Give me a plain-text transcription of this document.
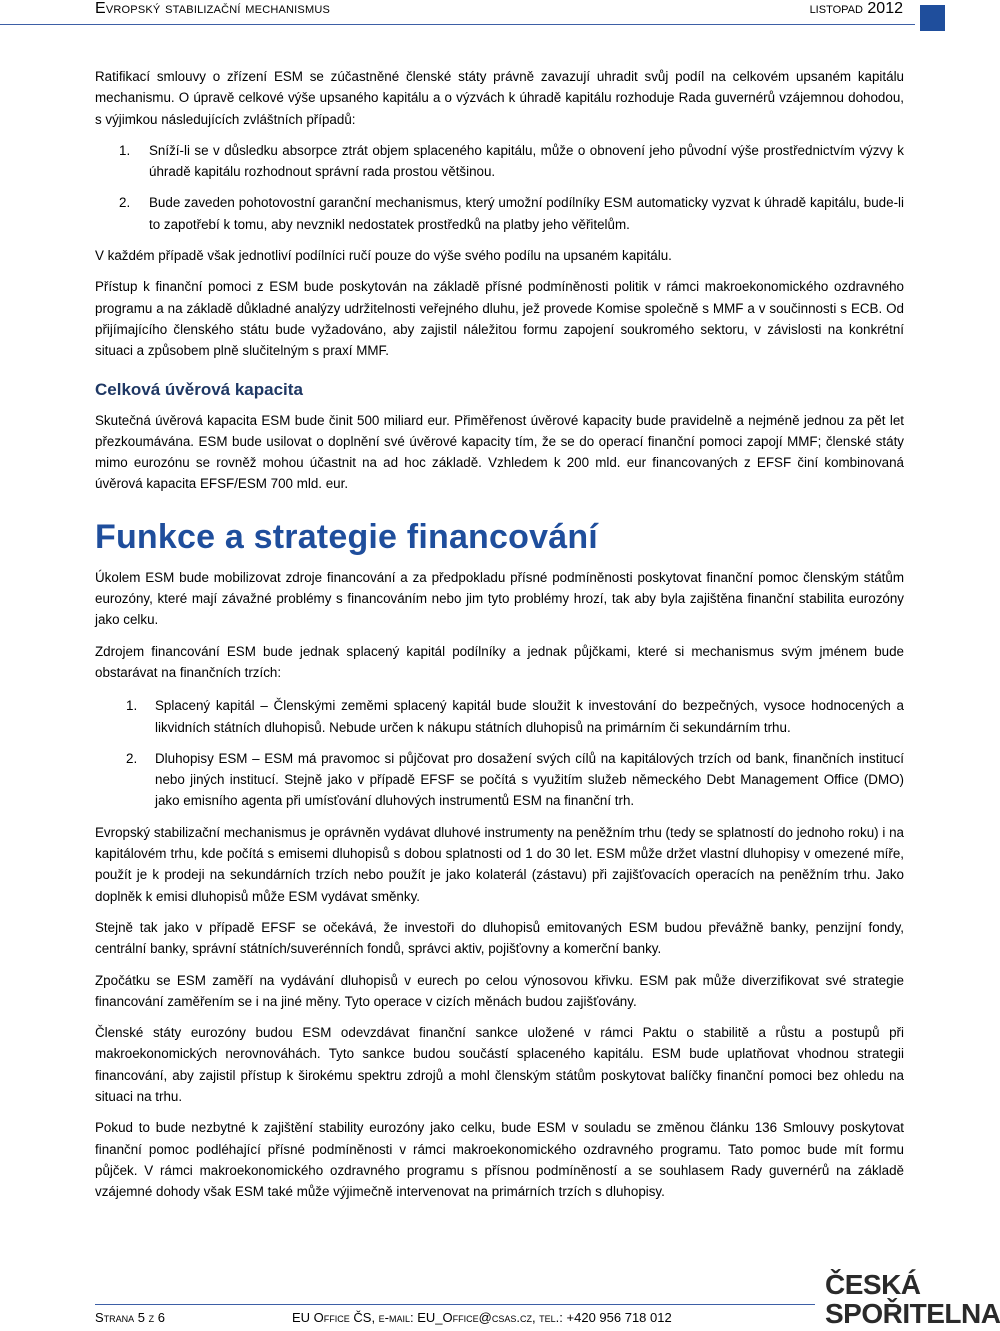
Evropský stabilizační mechanismus	listopad 2012

Ratifikací smlouvy o zřízení ESM se zúčastněné členské státy právně zavazují uhradit svůj podíl na celkovém upsaném kapitálu mechanismu. O úpravě celkové výše upsaného kapitálu a o výzvách k úhradě kapitálu rozhoduje Rada guvernérů vzájemnou dohodou, s výjimkou následujících zvláštních případů:

1. Sníží-li se v důsledku absorpce ztrát objem splaceného kapitálu, může o obnovení jeho původní výše prostřednictvím výzvy k úhradě kapitálu rozhodnout správní rada prostou většinou.
2. Bude zaveden pohotovostní garanční mechanismus, který umožní podílníky ESM automaticky vyzvat k úhradě kapitálu, bude-li to zapotřebí k tomu, aby nevznikl nedostatek prostředků na platby jeho věřitelům.

V každém případě však jednotliví podílníci ručí pouze do výše svého podílu na upsaném kapitálu.

Přístup k finanční pomoci z ESM bude poskytován na základě přísné podmíněnosti politik v rámci makroekonomického ozdravného programu a na základě důkladné analýzy udržitelnosti veřejného dluhu, jež provede Komise společně s MMF a v součinnosti s ECB. Od přijímajícího členského státu bude vyžadováno, aby zajistil náležitou formu zapojení soukromého sektoru, v závislosti na konkrétní situaci a způsobem plně slučitelným s praxí MMF.

Celková úvěrová kapacita

Skutečná úvěrová kapacita ESM bude činit 500 miliard eur. Přiměřenost úvěrové kapacity bude pravidelně a nejméně jednou za pět let přezkoumávána. ESM bude usilovat o doplnění své úvěrové kapacity tím, že se do operací finanční pomoci zapojí MMF; členské státy mimo eurozónu se rovněž mohou účastnit na ad hoc základě. Vzhledem k 200 mld. eur financovaných z EFSF činí kombinovaná úvěrová kapacita EFSF/ESM 700 mld. eur.

Funkce a strategie financování

Úkolem ESM bude mobilizovat zdroje financování a za předpokladu přísné podmíněnosti poskytovat finanční pomoc členským státům eurozóny, které mají závažné problémy s financováním nebo jim tyto problémy hrozí, tak aby byla zajištěna finanční stabilita eurozóny jako celku.

Zdrojem financování ESM bude jednak splacený kapitál podílníky a jednak půjčkami, které si mechanismus svým jménem bude obstarávat na finančních trzích:

1. Splacený kapitál – Členskými zeměmi splacený kapitál bude sloužit k investování do bezpečných, vysoce hodnocených a likvidních státních dluhopisů. Nebude určen k nákupu státních dluhopisů na primárním či sekundárním trhu.
2. Dluhopisy ESM – ESM má pravomoc si půjčovat pro dosažení svých cílů na kapitálových trzích od bank, finančních institucí nebo jiných institucí. Stejně jako v případě EFSF se počítá s využitím služeb německého Debt Management Office (DMO) jako emisního agenta při umísťování dluhových instrumentů ESM na finanční trh.

Evropský stabilizační mechanismus je oprávněn vydávat dluhové instrumenty na peněžním trhu (tedy se splatností do jednoho roku) i na kapitálovém trhu, kde počítá s emisemi dluhopisů s dobou splatnosti od 1 do 30 let. ESM může držet vlastní dluhopisy v omezené míře, použít je k prodeji na sekundárních trzích nebo použít je jako kolaterál (zástavu) při zajišťovacích operacích na peněžním trhu. Jako doplněk k emisi dluhopisů může ESM vydávat směnky.

Stejně tak jako v případě EFSF se očekává, že investoři do dluhopisů emitovaných ESM budou převážně banky, penzijní fondy, centrální banky, správní státních/suverénních fondů, správci aktiv, pojišťovny a komerční banky.

Zpočátku se ESM zaměří na vydávání dluhopisů v eurech po celou výnosovou křivku. ESM pak může diverzifikovat své strategie financování zaměřením se i na jiné měny. Tyto operace v cizích měnách budou zajišťovány.

Členské státy eurozóny budou ESM odevzdávat finanční sankce uložené v rámci Paktu o stabilitě a růstu a postupů při makroekonomických nerovnováhách. Tyto sankce budou součástí splaceného kapitálu. ESM bude uplatňovat vhodnou strategii financování, aby zajistil přístup k širokému spektru zdrojů a mohl členským státům poskytovat balíčky finanční pomoci bez ohledu na situaci na trhu.

Pokud to bude nezbytné k zajištění stability eurozóny jako celku, bude ESM v souladu se změnou článku 136 Smlouvy poskytovat finanční pomoc podléhající přísné podmíněnosti v rámci makroekonomického ozdravného programu. Tato pomoc bude mít formu půjček. V rámci makroekonomického ozdravného programu s přísnou podmíněností a se souhlasem Rady guvernérů na základě vzájemné dohody však ESM také může výjimečně intervenovat na primárních trzích s dluhopisy.

Strana 5 z 6	EU Office ČS, e-mail: EU_Office@csas.cz, tel.: +420 956 718 012
ČESKÁ
SPOŘITELNA
